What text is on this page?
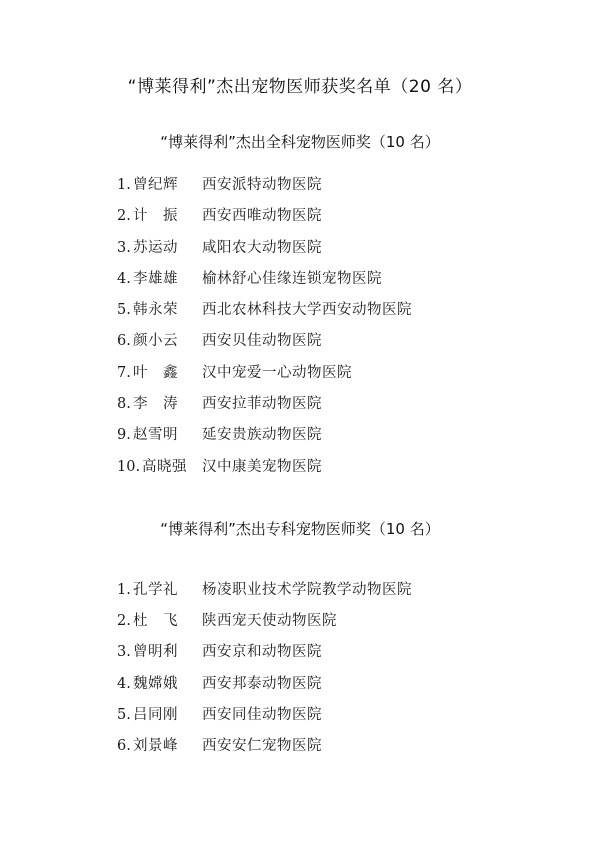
“博莱得利”杰出宠物医师获奖名单（20 名）
“博莱得利”杰出全科宠物医师奖（10 名）
1. 曾纪辉 西安派特动物医院
2. 计　振 西安西唯动物医院
3. 苏运动 咸阳农大动物医院
4. 李雄雄 榆林舒心佳缘连锁宠物医院
5. 韩永荣 西北农林科技大学西安动物医院
6. 颜小云 西安贝佳动物医院
7. 叶　鑫 汉中宠爱一心动物医院
8. 李　涛 西安拉菲动物医院
9. 赵雪明 延安贵族动物医院
10. 高晓强 汉中康美宠物医院
“博莱得利”杰出专科宠物医师奖（10 名）
1. 孔学礼 杨凌职业技术学院教学动物医院
2. 杜　飞 陕西宠天使动物医院
3. 曾明利 西安京和动物医院
4. 魏嫦娥 西安邦泰动物医院
5. 吕同刚 西安同佳动物医院
6. 刘景峰 西安安仁宠物医院
